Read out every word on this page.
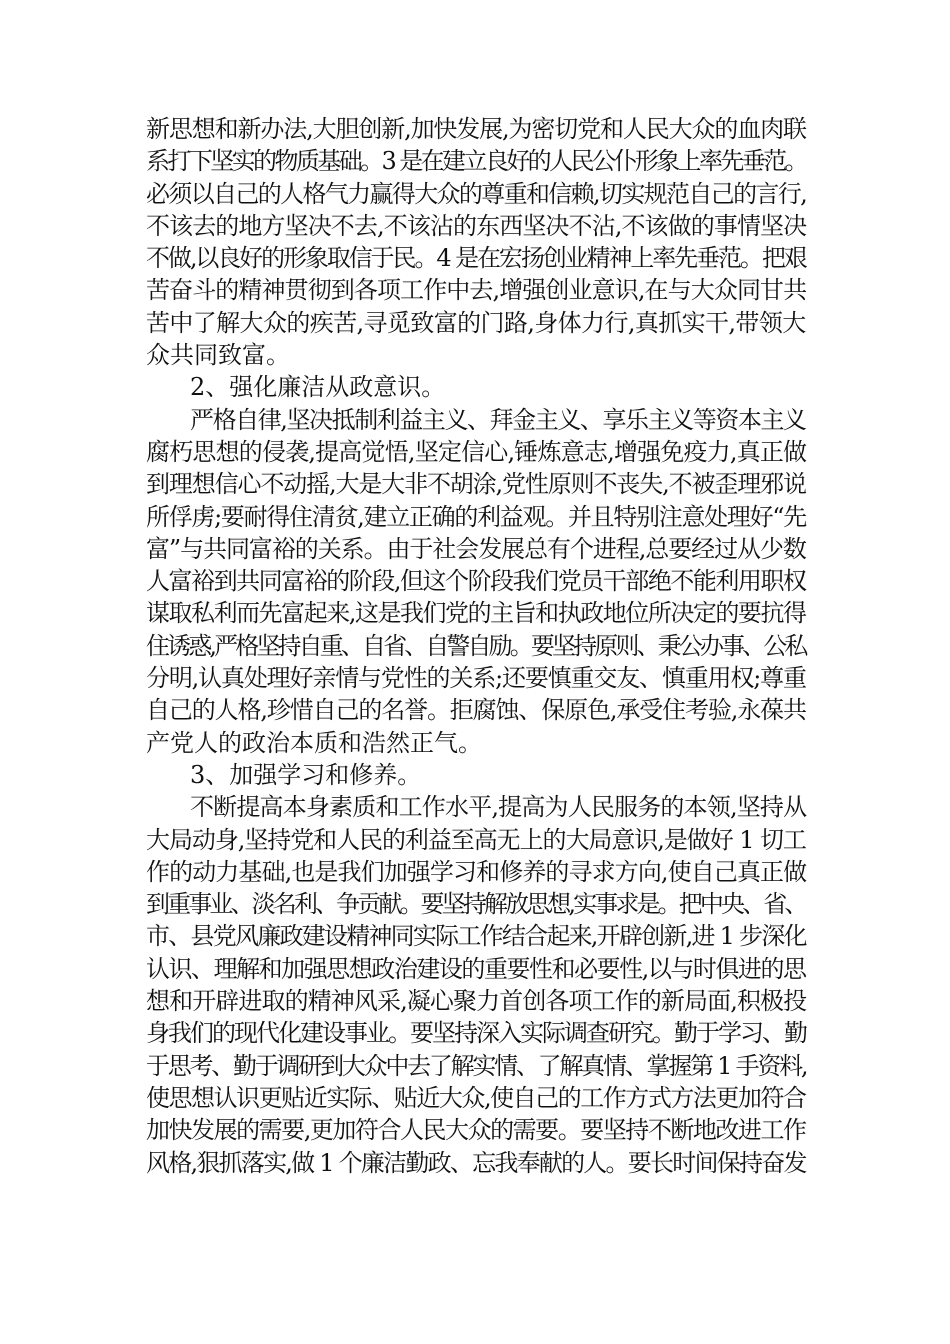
新思想和新办法,大胆创新,加快发展,为密切党和人民大众的血肉联
系打下坚实的物质基础。3 是在建立良好的人民公仆形象上率先垂范。
必须以自己的人格气力赢得大众的尊重和信赖,切实规范自己的言行,
不该去的地方坚决不去,不该沾的东西坚决不沾,不该做的事情坚决
不做,以良好的形象取信于民。4 是在宏扬创业精神上率先垂范。把艰
苦奋斗的精神贯彻到各项工作中去,增强创业意识,在与大众同甘共
苦中了解大众的疾苦,寻觅致富的门路,身体力行,真抓实干,带领大
众共同致富。
2、强化廉洁从政意识。
严格自律,坚决抵制利益主义、拜金主义、享乐主义等资本主义
腐朽思想的侵袭,提高觉悟,坚定信心,锤炼意志,增强免疫力,真正做
到理想信心不动摇,大是大非不胡涂,党性原则不丧失,不被歪理邪说
所俘虏;要耐得住清贫,建立正确的利益观。并且特别注意处理好“先
富”与共同富裕的关系。由于社会发展总有个进程,总要经过从少数
人富裕到共同富裕的阶段,但这个阶段我们党员干部绝不能利用职权
谋取私利而先富起来,这是我们党的主旨和执政地位所决定的要抗得
住诱惑,严格坚持自重、自省、自警自励。要坚持原则、秉公办事、公私
分明,认真处理好亲情与党性的关系;还要慎重交友、慎重用权;尊重
自己的人格,珍惜自己的名誉。拒腐蚀、保原色,承受住考验,永葆共
产党人的政治本质和浩然正气。
3、加强学习和修养。
不断提高本身素质和工作水平,提高为人民服务的本领,坚持从
大局动身,坚持党和人民的利益至高无上的大局意识,是做好 1 切工
作的动力基础,也是我们加强学习和修养的寻求方向,使自己真正做
到重事业、淡名利、争贡献。要坚持解放思想,实事求是。把中央、省、
市、县党风廉政建设精神同实际工作结合起来,开辟创新,进 1 步深化
认识、理解和加强思想政治建设的重要性和必要性,以与时俱进的思
想和开辟进取的精神风采,凝心聚力首创各项工作的新局面,积极投
身我们的现代化建设事业。要坚持深入实际调查研究。勤于学习、勤
于思考、勤于调研到大众中去了解实情、了解真情、掌握第 1 手资料,
使思想认识更贴近实际、贴近大众,使自己的工作方式方法更加符合
加快发展的需要,更加符合人民大众的需要。要坚持不断地改进工作
风格,狠抓落实,做 1 个廉洁勤政、忘我奉献的人。要长时间保持奋发
